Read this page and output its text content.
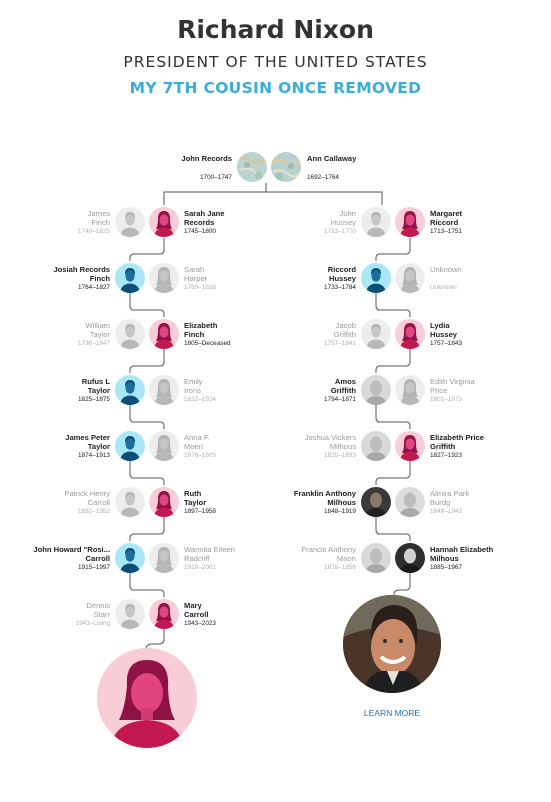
Richard Nixon
PRESIDENT OF THE UNITED STATES
MY 7TH COUSIN ONCE REMOVED
John Records
1700–1747
Ann Callaway
1692–1764
James
Finch
1740–1825
Sarah Jane
Records
1745–1800
Josiah Records
Finch
1764–1827
Sarah
Harper
1769–1826
William
Taylor
1798–1847
Elizabeth
Finch
1805–Deceased
Rufus L
Taylor
1825–1875
Emily
Irons
1832–1924
James Peter
Taylor
1874–1913
Anna F.
Moeri
1876–1905
Patrick Henry
Carroll
1892–1952
Ruth
Taylor
1897–1958
John Howard "Rosi...
Carroll
1915–1997
Wannita Eileen
Radcliff
1918–2001
Dennis
Starr
1943–Living
Mary
Carroll
1943–2023
John
Hussey
1713–1770
Margaret
Riccord
1713–1751
Riccord
Hussey
1733–1784
Unknown
Unknown
Jacob
Griffith
1757–1841
Lydia
Hussey
1757–1843
Amos
Griffith
1794–1871
Edith Virginia
Price
1801–1873
Joshua Vickers
Milhous
1820–1893
Elizabeth Price
Griffith
1827–1923
Franklin Anthony
Milhous
1848–1919
Almira Park
Burdg
1849–1943
Francis Anthony
Nixon
1878–1956
Hannah Elizabeth
Milhous
1885–1967
LEARN MORE
